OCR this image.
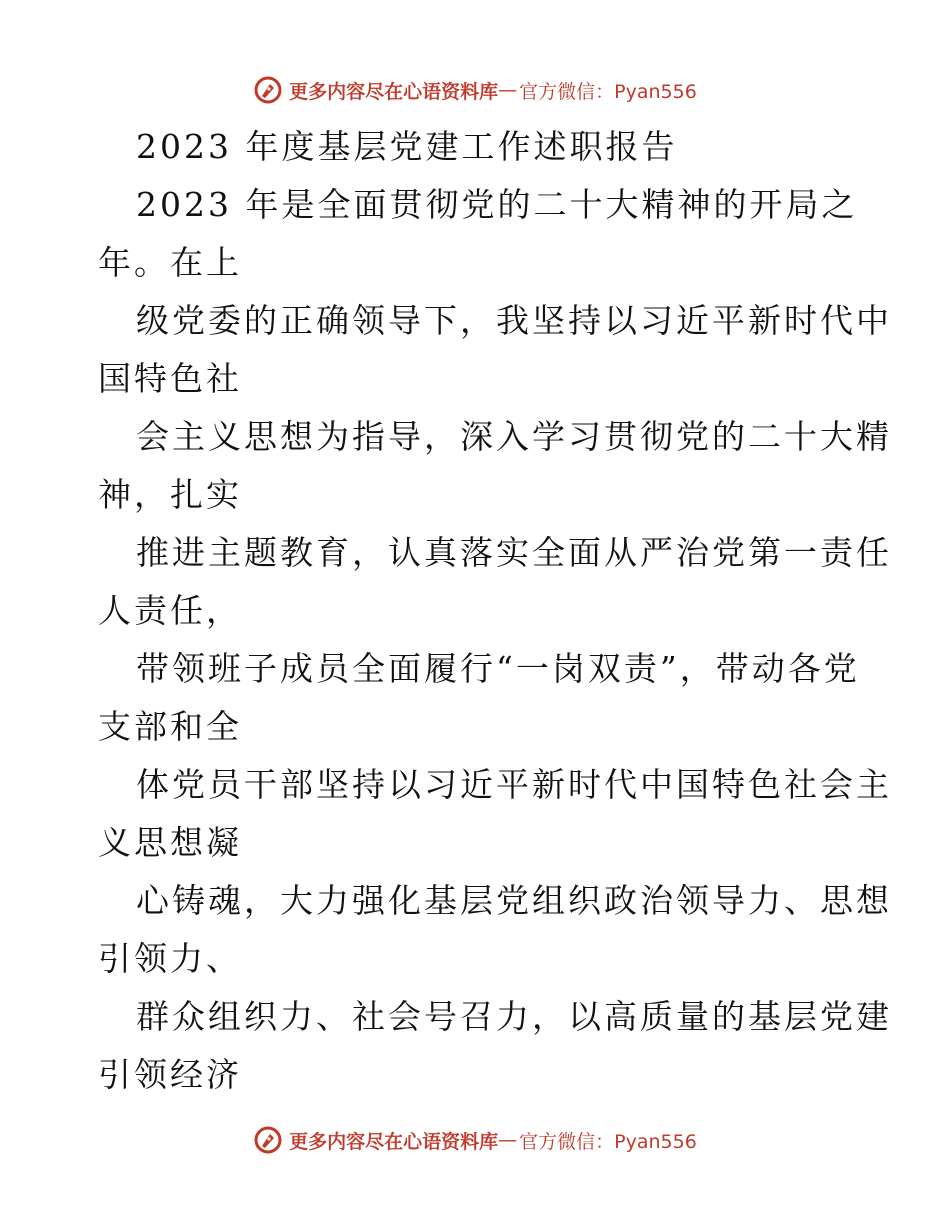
更多内容尽在心语资料库 — 官方微信：Pyan556
2023 年度基层党建工作述职报告
2023 年是全面贯彻党的二十大精神的开局之
年。在上
级党委的正确领导下，我坚持以习近平新时代中
国特色社
会主义思想为指导，深入学习贯彻党的二十大精
神，扎实
推进主题教育，认真落实全面从严治党第一责任
人责任，
带领班子成员全面履行“一岗双责”，带动各党
支部和全
体党员干部坚持以习近平新时代中国特色社会主
义思想凝
心铸魂，大力强化基层党组织政治领导力、思想
引领力、
群众组织力、社会号召力，以高质量的基层党建
引领经济
更多内容尽在心语资料库 — 官方微信：Pyan556
